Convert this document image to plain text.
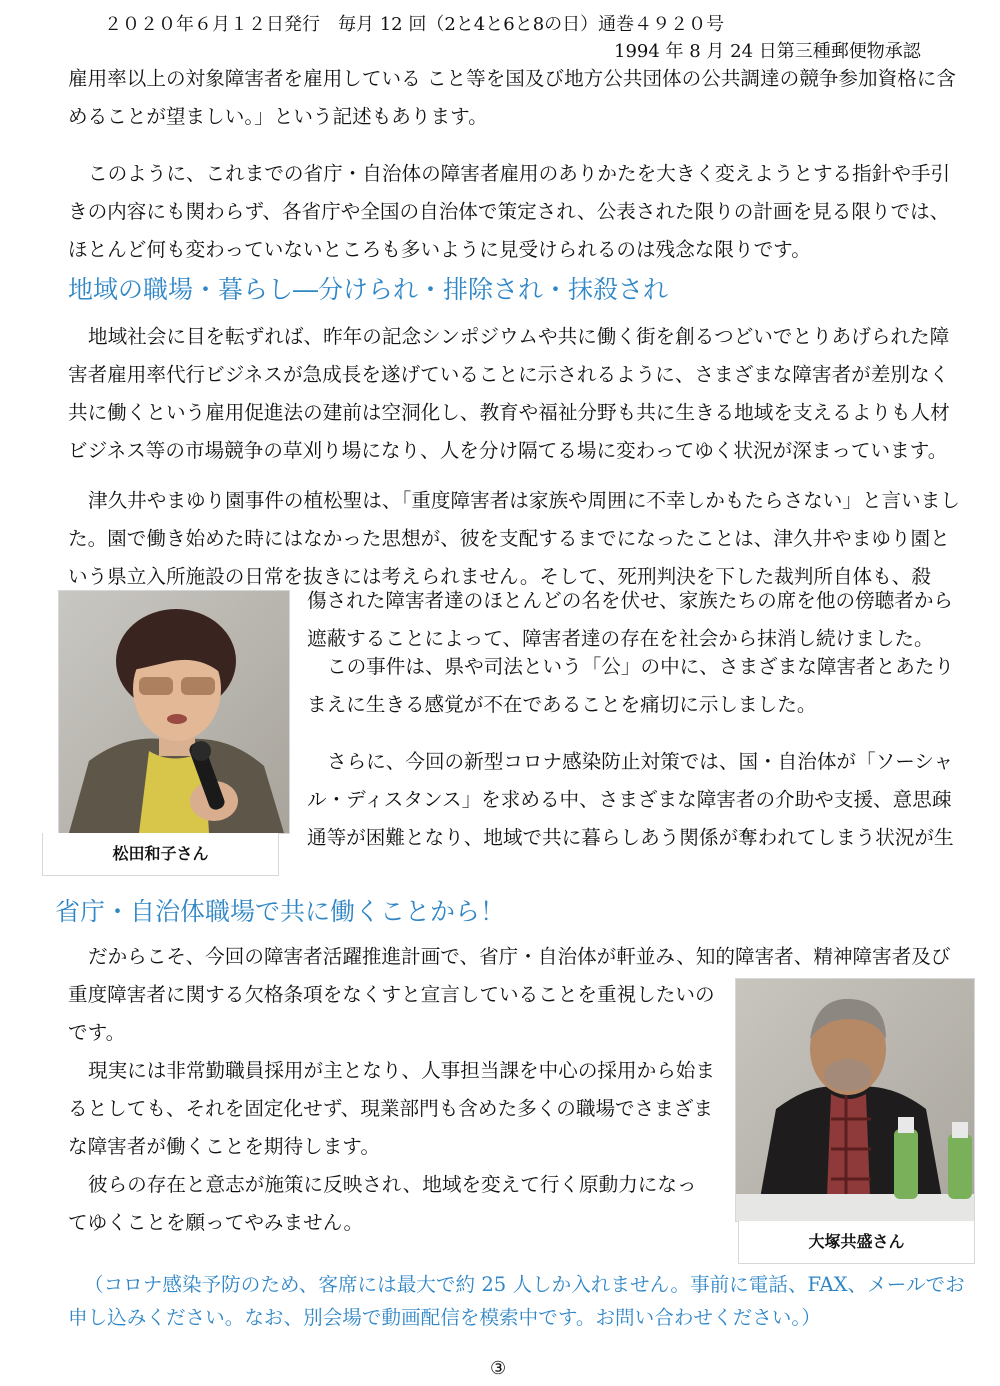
２０２０年６月１２日発行　毎月 12 回（2と4と6と8の日）通巻４９２０号
1994 年 8 月 24 日第三種郵便物承認

雇用率以上の対象障害者を雇用している こと等を国及び地方公共団体の公共調達の競争参加資格に含めることが望ましい。」という記述もあります。

このように、これまでの省庁・自治体の障害者雇用のありかたを大きく変えようとする指針や手引きの内容にも関わらず、各省庁や全国の自治体で策定され、公表された限りの計画を見る限りでは、ほとんど何も変わっていないところも多いように見受けられるのは残念な限りです。

地域の職場・暮らし―分けられ・排除され・抹殺され

地域社会に目を転ずれば、昨年の記念シンポジウムや共に働く街を創るつどいでとりあげられた障害者雇用率代行ビジネスが急成長を遂げていることに示されるように、さまざまな障害者が差別なく共に働くという雇用促進法の建前は空洞化し、教育や福祉分野も共に生きる地域を支えるよりも人材ビジネス等の市場競争の草刈り場になり、人を分け隔てる場に変わってゆく状況が深まっています。

津久井やまゆり園事件の植松聖は、「重度障害者は家族や周囲に不幸しかもたらさない」と言いました。園で働き始めた時にはなかった思想が、彼を支配するまでになったことは、津久井やまゆり園という県立入所施設の日常を抜きには考えられません。そして、死刑判決を下した裁判所自体も、殺

傷された障害者達のほとんどの名を伏せ、家族たちの席を他の傍聴者から遮蔽することによって、障害者達の存在を社会から抹消し続けました。

この事件は、県や司法という「公」の中に、さまざまな障害者とあたりまえに生きる感覚が不在であることを痛切に示しました。

さらに、今回の新型コロナ感染防止対策では、国・自治体が「ソーシャル・ディスタンス」を求める中、さまざまな障害者の介助や支援、意思疎通等が困難となり、地域で共に暮らしあう関係が奪われてしまう状況が生

松田和子さん
省庁・自治体職場で共に働くことから！

だからこそ、今回の障害者活躍推進計画で、省庁・自治体が軒並み、知的障害者、精神障害者及び

重度障害者に関する欠格条項をなくすと宣言していることを重視したいのです。

現実には非常勤職員採用が主となり、人事担当課を中心の採用から始まるとしても、それを固定化せず、現業部門も含めた多くの職場でさまざまな障害者が働くことを期待します。

彼らの存在と意志が施策に反映され、地域を変えて行く原動力になってゆくことを願ってやみません。

大塚共盛さん

（コロナ感染予防のため、客席には最大で約 25 人しか入れません。事前に電話、FAX、メールでお申し込みください。なお、別会場で動画配信を模索中です。お問い合わせください。）

③
